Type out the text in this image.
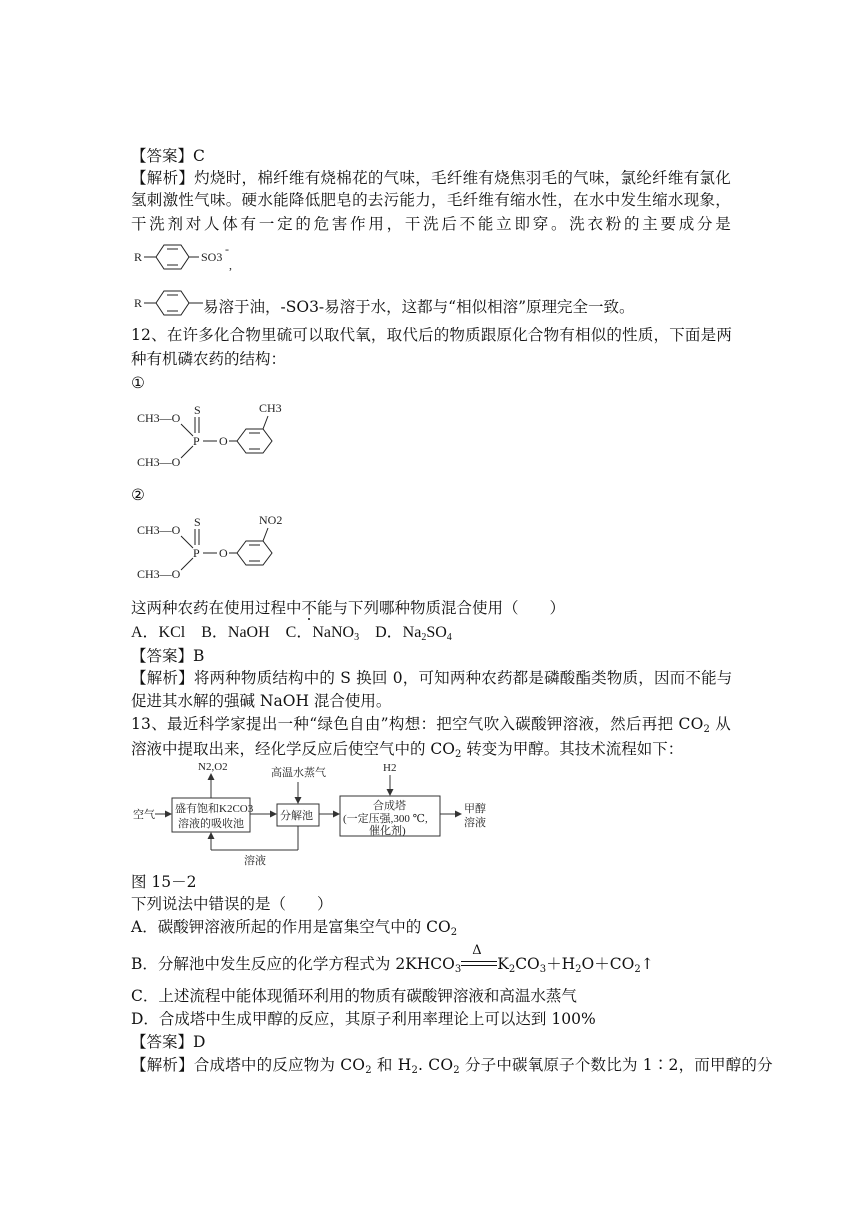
【答案】C
【解析】灼烧时，棉纤维有烧棉花的气味，毛纤维有烧焦羽毛的气味，氯纶纤维有氯化
氢刺激性气味。硬水能降低肥皂的去污能力，毛纤维有缩水性，在水中发生缩水现象，
干洗剂对人体有一定的危害作用，干洗后不能立即穿。洗衣粉的主要成分是
R	SO3
-
,
R	易溶于油，-SO3-易溶于水，这都与“相似相溶”原理完全一致。
12、在许多化合物里硫可以取代氧，取代后的物质跟原化合物有相似的性质，下面是两
种有机磷农药的结构：
①
CH3—O
CH3—O
S
P O
CH3
②
CH3—O
CH3—O
S
P O
NO2
这两种农药在使用过程中不能与下列哪种物质混合使用（　　）
A．KCl　B．NaOH　C．NaNO$_3$　D．$Na_2SO_4$
【答案】B
【解析】将两种物质结构中的 S 换回 0，可知两种农药都是磷酸酯类物质，因而不能与
促进其水解的强碱 NaOH 混合使用。
13、最近科学家提出一种“绿色自由”构想：把空气吹入碳酸钾溶液，然后再把 $CO_2$ 从
溶液中提取出来，经化学反应后使空气中的 $CO_2$ 转变为甲醇。其技术流程如下：
空气 盛有饱和K2CO3
溶液的吸收池
N2,O2
分解池
高温水蒸气
合成塔
(一定压强,300 ℃,
催化剂)
H2
甲醇
溶液
溶液
图 15－2
下列说法中错误的是（　　）
A．碳酸钾溶液所起的作用是富集空气中的 $CO_2$
B．分解池中发生反应的化学方程式为 $2KHCO_3$
Δ
$K_2CO_3+H_2O+CO_2↑$
C．上述流程中能体现循环利用的物质有碳酸钾溶液和高温水蒸气
D．合成塔中生成甲醇的反应，其原子利用率理论上可以达到 100%
【答案】D
【解析】合成塔中的反应物为 $CO_2$ 和 $H_2$. $CO_2$ 分子中碳氧原子个数比为 1∶2，而甲醇的分
